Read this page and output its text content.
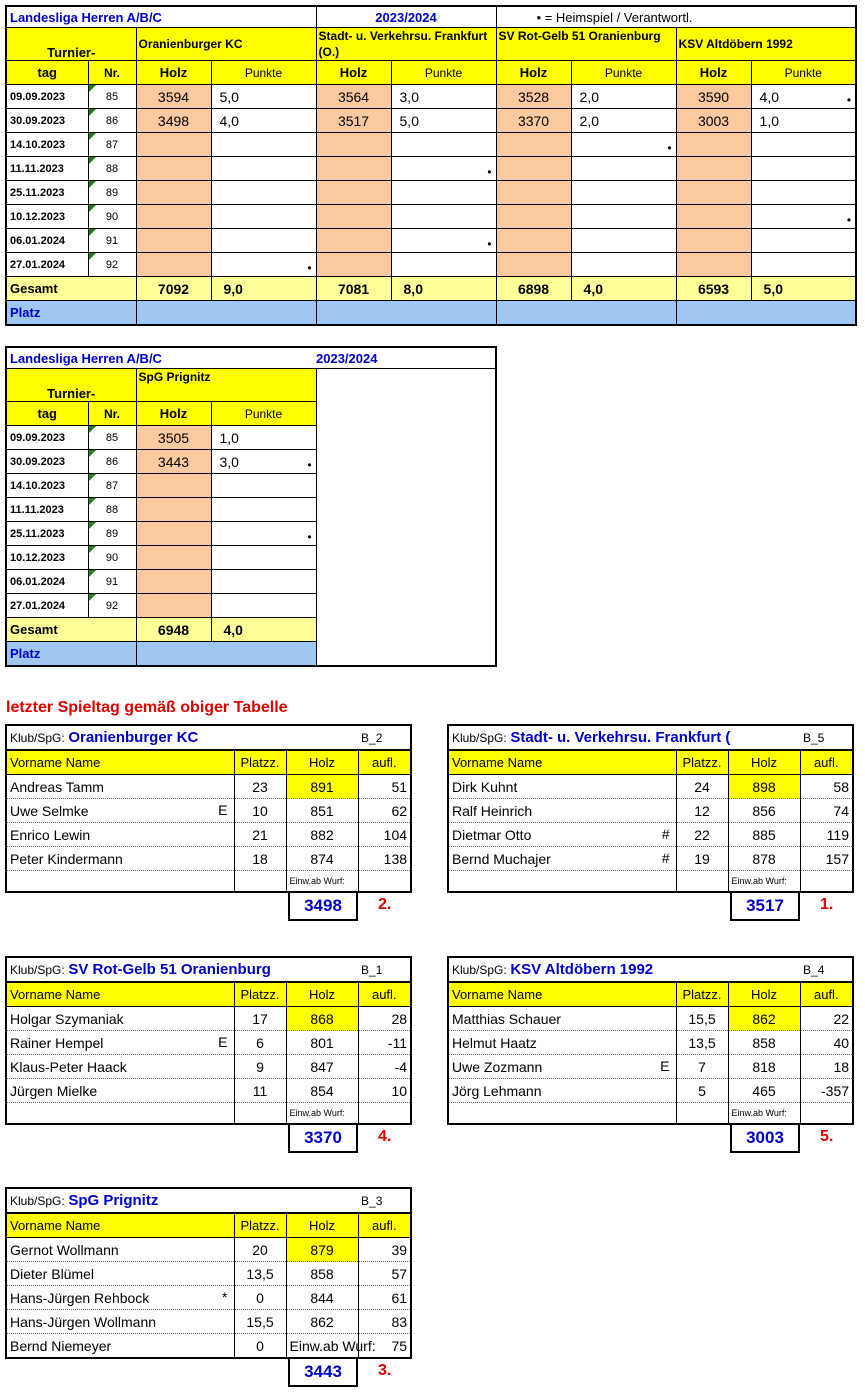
Landesliga Herren A/B/C				2023/2024		• = Heimspiel / Verantwortl.			
Turnier-		Oranienburger KC		Stadt- u. Verkehrsu. Frankfurt (O.)		SV Rot-Gelb 51 Oranienburg		KSV Altdöbern 1992	
tag	Nr.	Holz	Punkte	Holz	Punkte	Holz	Punkte	Holz	Punkte
09.09.2023	85	3594	5,0	3564	3,0	3528	2,0	3590	4,0 •

30.09.2023	86	3498	4,0	3517	5,0	3370	2,0	3003	1,0
14.10.2023	87						•		

11.11.2023	88				•				

25.11.2023	89								
10.12.2023	90								•

06.01.2024	91				•				

27.01.2024	92		•						

Gesamt		7092	9,0	7081	8,0	6898	4,0	6593	5,0
Platz									
Landesliga Herren A/B/C				2023/2024
Turnier-		SpG Prignitz		
tag	Nr.	Holz	Punkte	
09.09.2023	85	3505	1,0	
30.09.2023	86	3443	3,0 •	

14.10.2023	87			
11.11.2023	88			
25.11.2023	89		•	

10.12.2023	90			
06.01.2024	91			
27.01.2024	92			
Gesamt		6948	4,0	
Platz				
letzter Spieltag gemäß obiger Tabelle
Klub/SpG: Oranienburger KC			B_2
Vorname Name	Platzz.	Holz	aufl.
Andreas Tamm	23	891	51
Uwe Selmke E	10	851	62
Enrico Lewin	21	882	104
Peter Kindermann	18	874	138
		Einw.ab Wurf:	
3498	2.
Klub/SpG: Stadt- u. Verkehrsu. Frankfurt (			B_5
Vorname Name	Platzz.	Holz	aufl.
Dirk Kuhnt	24	898	58
Ralf Heinrich	12	856	74
Dietmar Otto #	22	885	119
Bernd Muchajer #	19	878	157
		Einw.ab Wurf:	
3517	1.
Klub/SpG: SV Rot-Gelb 51 Oranienburg			B_1
Vorname Name	Platzz.	Holz	aufl.
Holgar Szymaniak	17	868	28
Rainer Hempel E	6	801	-11
Klaus-Peter Haack	9	847	-4
Jürgen Mielke	11	854	10
		Einw.ab Wurf:	
3370	4.
Klub/SpG: KSV Altdöbern 1992			B_4
Vorname Name	Platzz.	Holz	aufl.
Matthias Schauer	15,5	862	22
Helmut Haatz	13,5	858	40
Uwe Zozmann E	7	818	18
Jörg Lehmann	5	465	-357
		Einw.ab Wurf:	
3003	5.
Klub/SpG: SpG Prignitz			B_3
Vorname Name	Platzz.	Holz	aufl.
Gernot Wollmann	20	879	39
Dieter Blümel	13,5	858	57
Hans-Jürgen Rehbock *	0	844	61
Hans-Jürgen Wollmann	15,5	862	83
Bernd Niemeyer	0	Einw.ab Wurf:	75
3443	3.
